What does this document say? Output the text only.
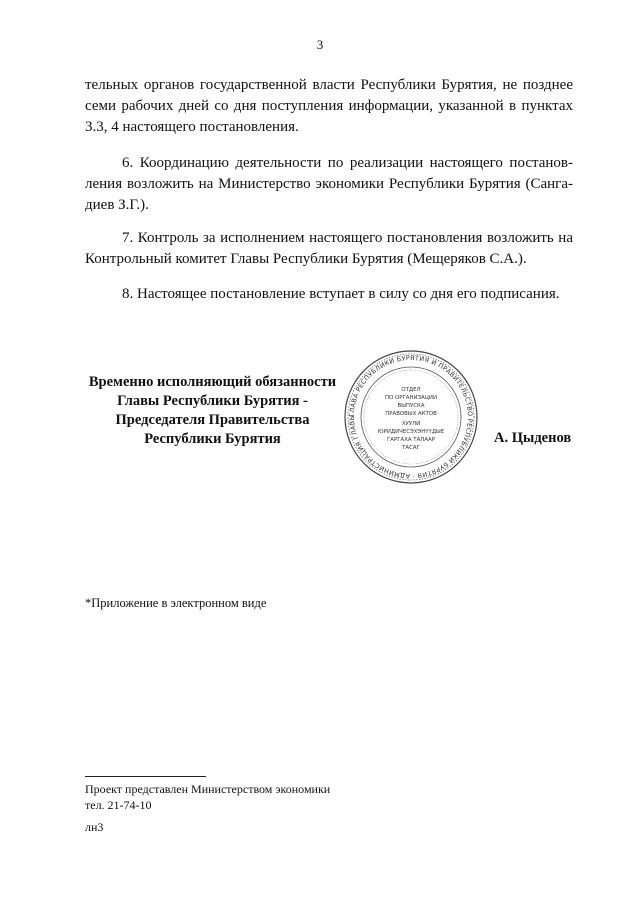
3
тельных органов государственной власти Республики Бурятия, не позднее
семи рабочих дней со дня поступления информации, указанной в пунктах
3.3, 4 настоящего постановления.
6. Координацию деятельности по реализации настоящего постанов-
ления возложить на Министерство экономики Республики Бурятия (Санга-
диев З.Г.).
7. Контроль за исполнением настоящего постановления возложить на
Контрольный комитет Главы Республики Бурятия (Мещеряков С.А.).
8. Настоящее постановление вступает в силу со дня его подписания.
Временно исполняющий обязанности
Главы Республики Бурятия -
Председателя Правительства
Республики Бурятия
ГЛАВА РЕСПУБЛИКИ БУРЯТИЯ И ПРАВИТЕЛЬСТВО РЕСПУБЛИКИ БУРЯТИЯ · АДМИНИСТРАЦИЯ ГЛАВЫ
ОТДЕЛ
ПО ОРГАНИЗАЦИИ
ВЫПУСКА
ПРАВОВЫХ АКТОВ
ХУУЛИ
ЮРИДИЧЕСЭХЭНҮҮДЫЕ
ГАРГАХА ТАЛААР
ТАСАГ
А. Цыденов
*Приложение в электронном виде
Проект представлен Министерством экономики
тел. 21-74-10
лн3
